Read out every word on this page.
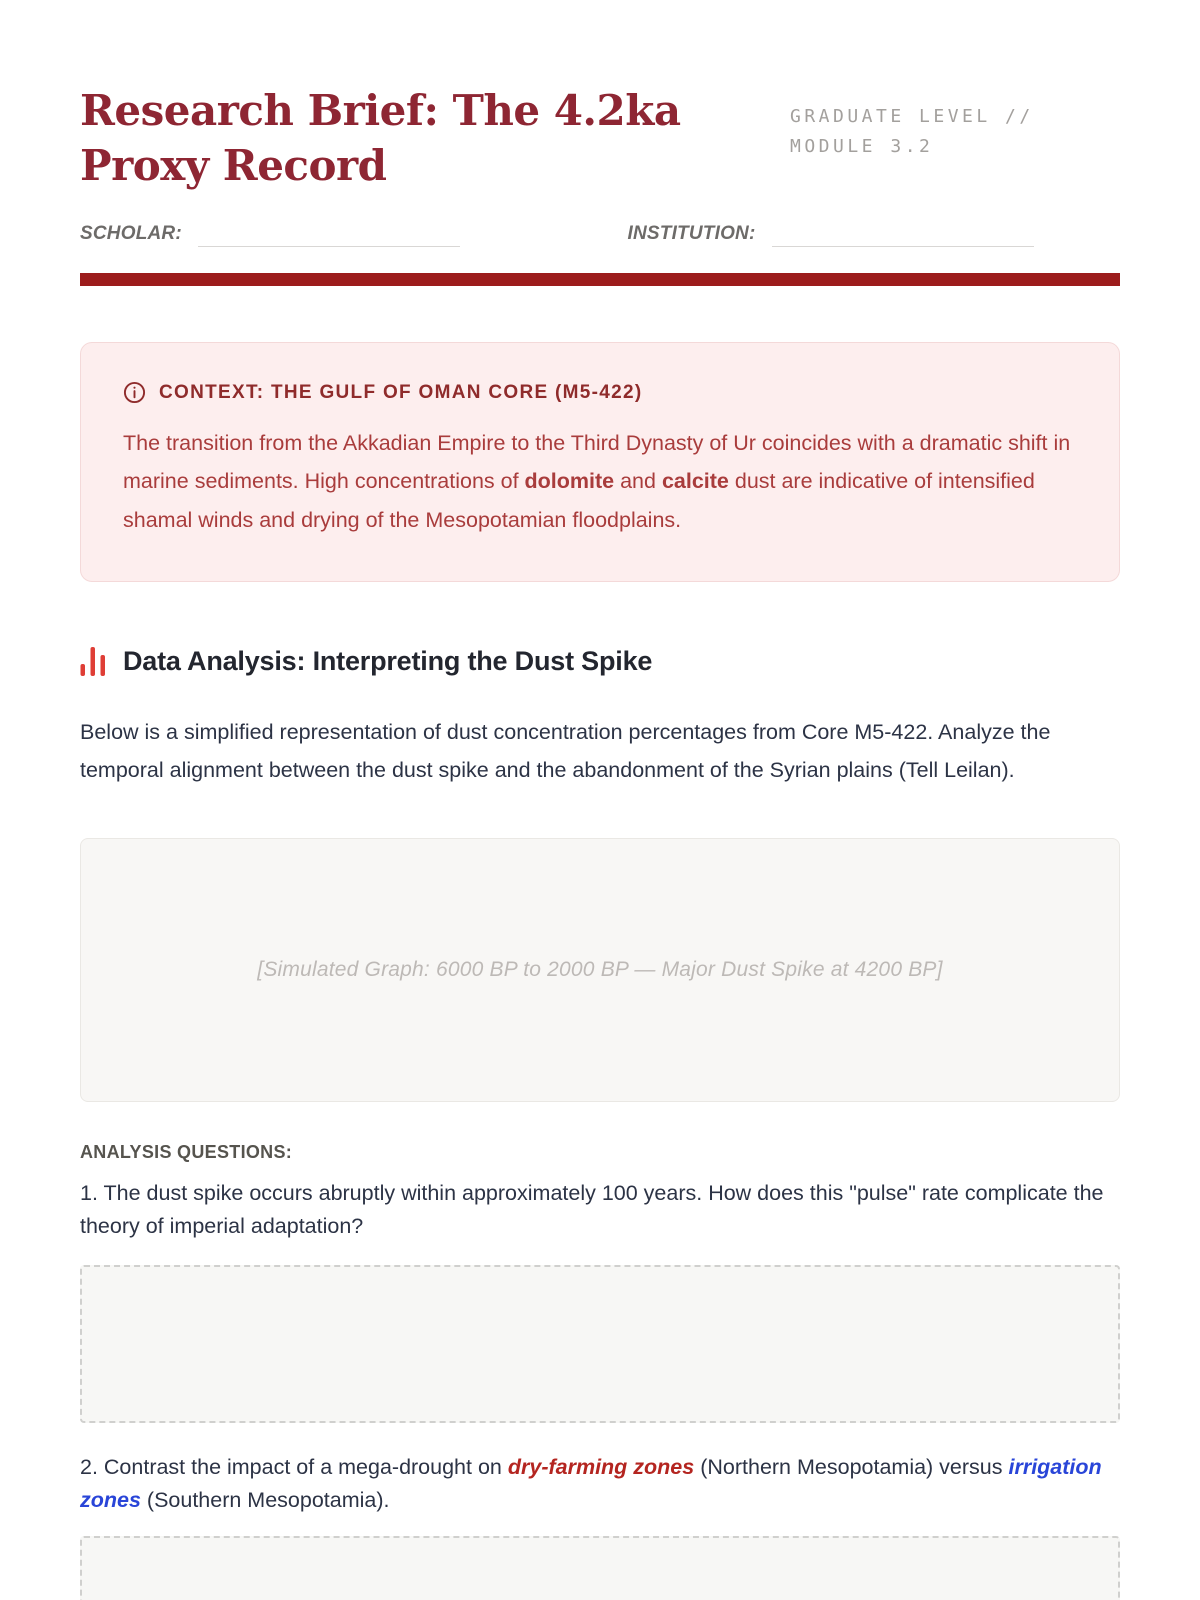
Research Brief: The 4.2ka
Proxy Record
GRADUATE LEVEL //
MODULE 3.2
SCHOLAR:	INSTITUTION:
CONTEXT: THE GULF OF OMAN CORE (M5-422)

The transition from the Akkadian Empire to the Third Dynasty of Ur coincides with a dramatic shift in marine sediments. High concentrations of dolomite and calcite dust are indicative of intensified shamal winds and drying of the Mesopotamian floodplains.

Data Analysis: Interpreting the Dust Spike

Below is a simplified representation of dust concentration percentages from Core M5-422. Analyze the temporal alignment between the dust spike and the abandonment of the Syrian plains (Tell Leilan).

[Simulated Graph: 6000 BP to 2000 BP — Major Dust Spike at 4200 BP]
ANALYSIS QUESTIONS:

1. The dust spike occurs abruptly within approximately 100 years. How does this "pulse" rate complicate the theory of imperial adaptation?

2. Contrast the impact of a mega-drought on dry-farming zones (Northern Mesopotamia) versus irrigation zones (Southern Mesopotamia).
